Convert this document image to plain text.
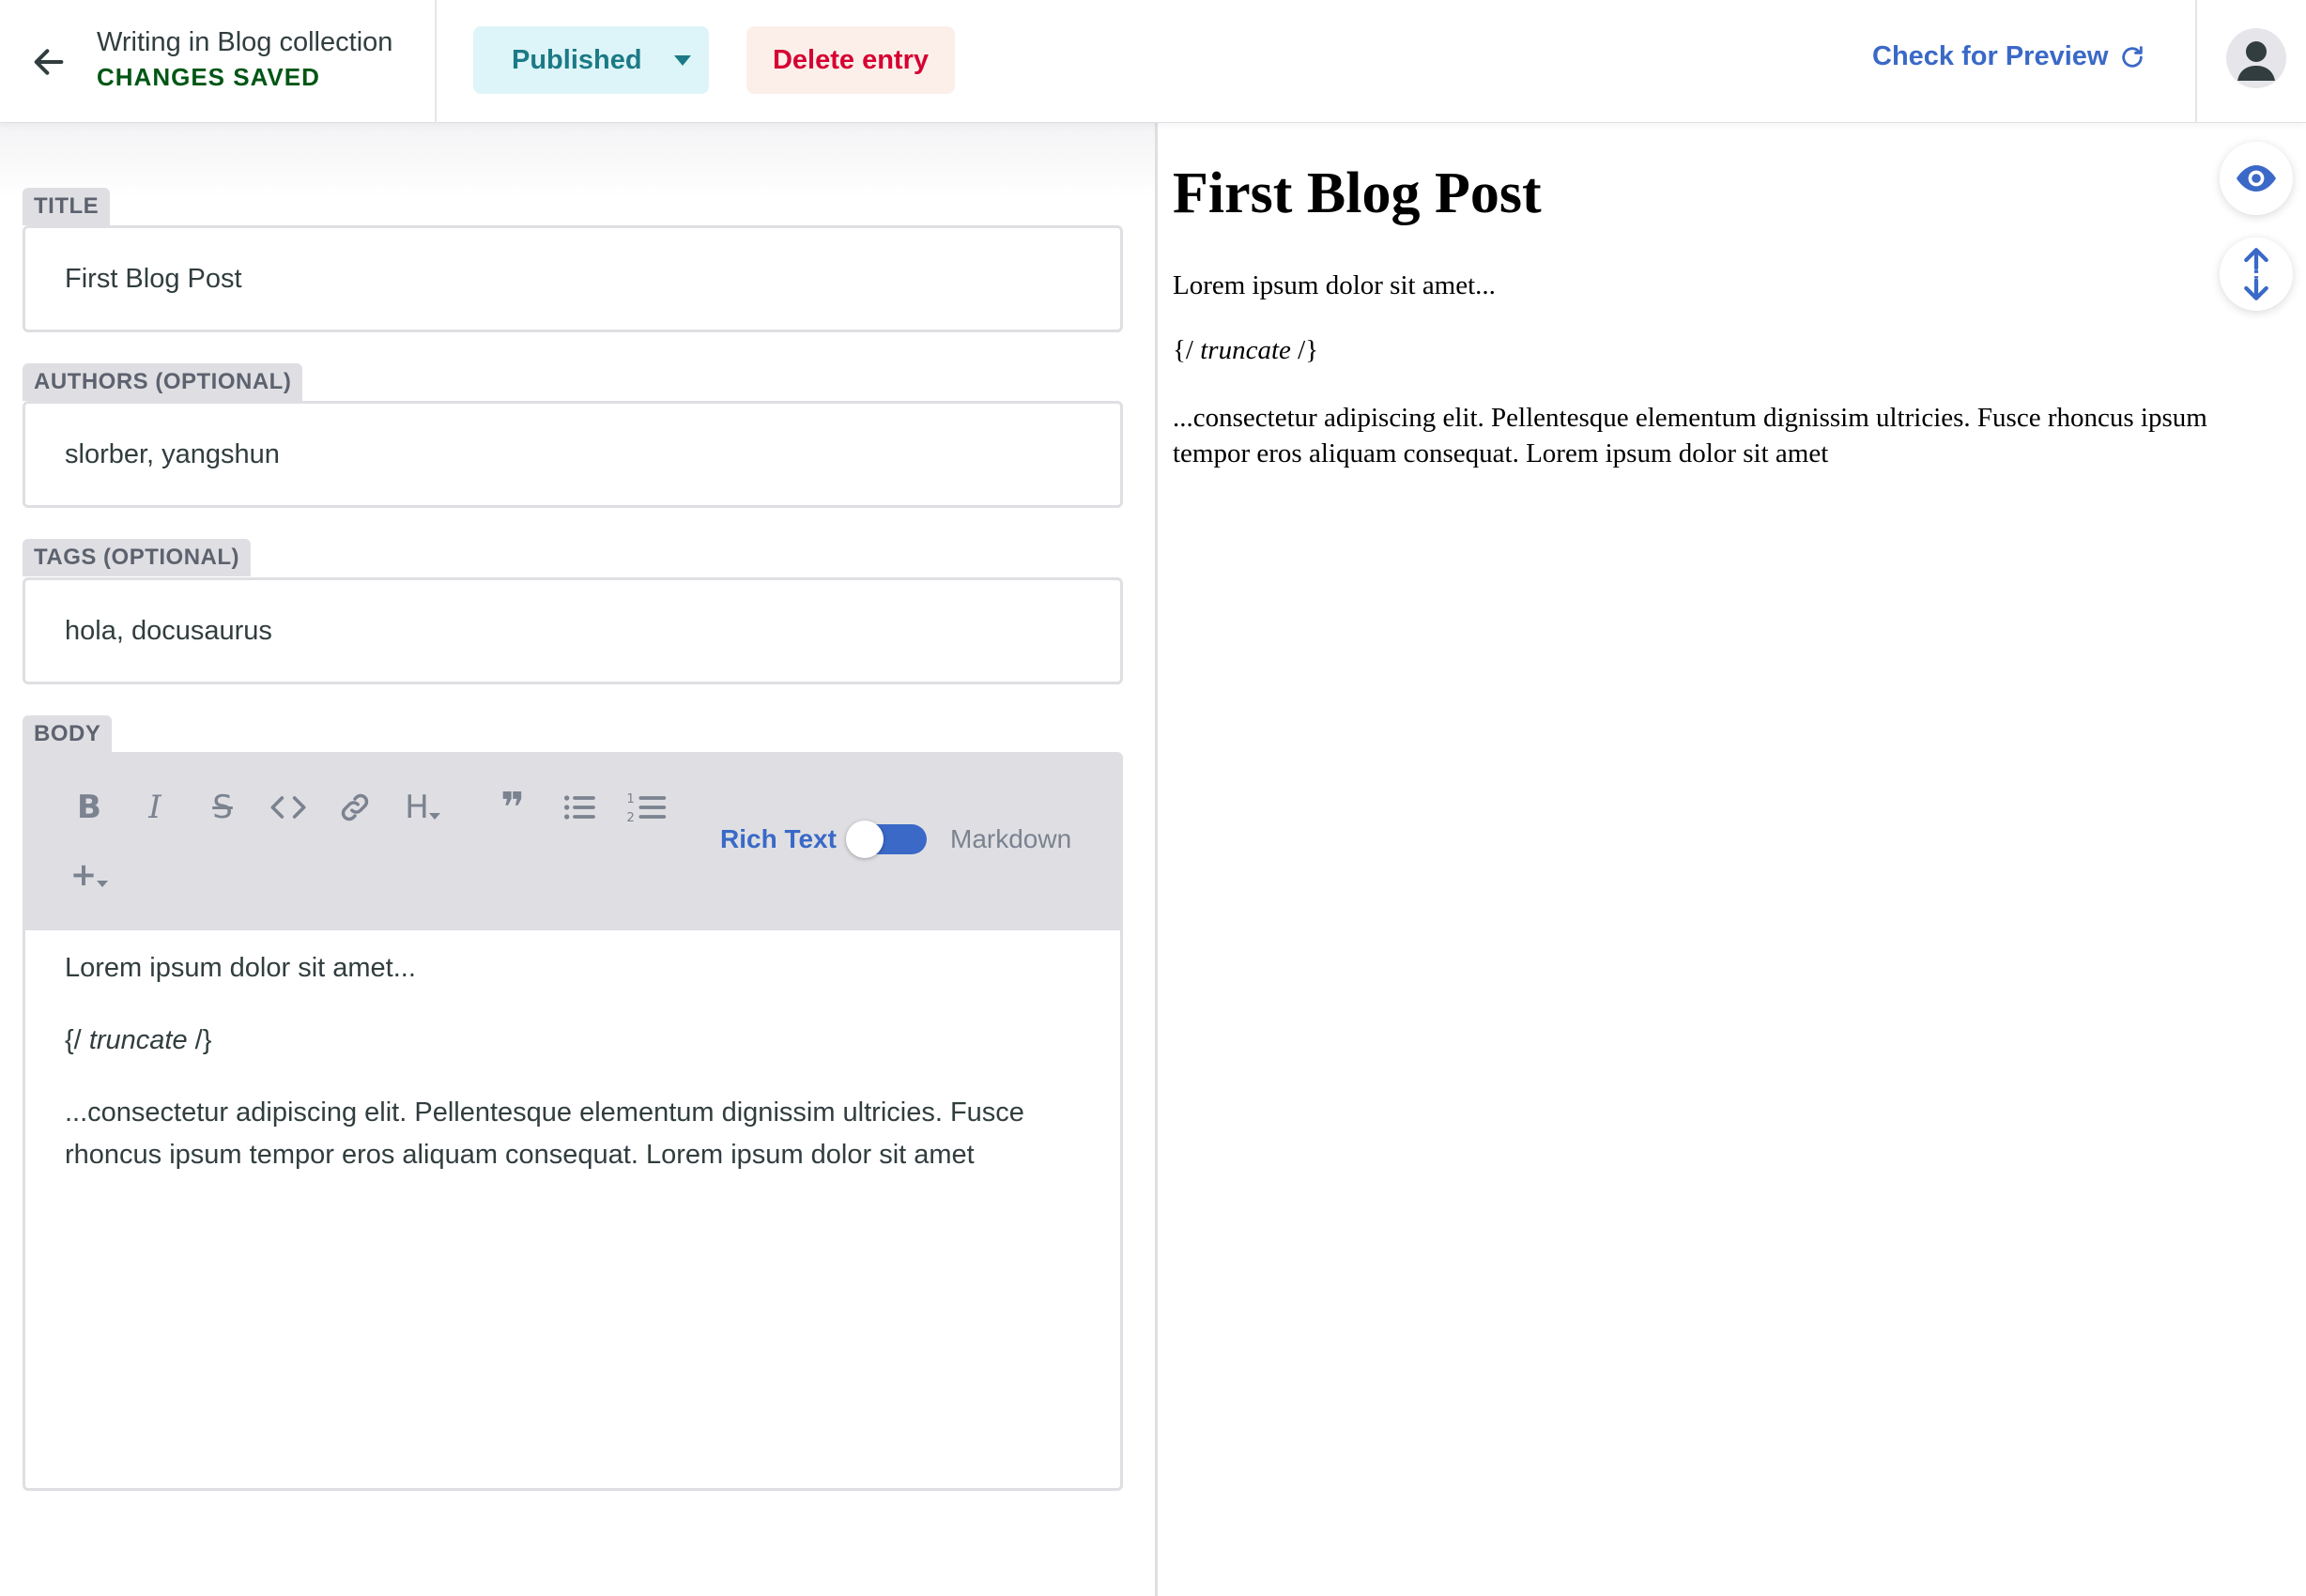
Writing in Blog collection
CHANGES SAVED
Published	Delete entry	Check for Preview
TITLE
First Blog Post
AUTHORS (OPTIONAL)
slorber, yangshun
TAGS (OPTIONAL)
hola, docusaurus
BODY
B I S	H ❞	1
2
+
Rich Text	Markdown

Lorem ipsum dolor sit amet...

{/ truncate /}

...consectetur adipiscing elit. Pellentesque elementum dignissim ultricies. Fusce rhoncus ipsum tempor eros aliquam consequat. Lorem ipsum dolor sit amet

First Blog Post
Lorem ipsum dolor sit amet...
{/ truncate /}
...consectetur adipiscing elit. Pellentesque elementum dignissim ultricies. Fusce rhoncus ipsum tempor eros aliquam consequat. Lorem ipsum dolor sit amet
